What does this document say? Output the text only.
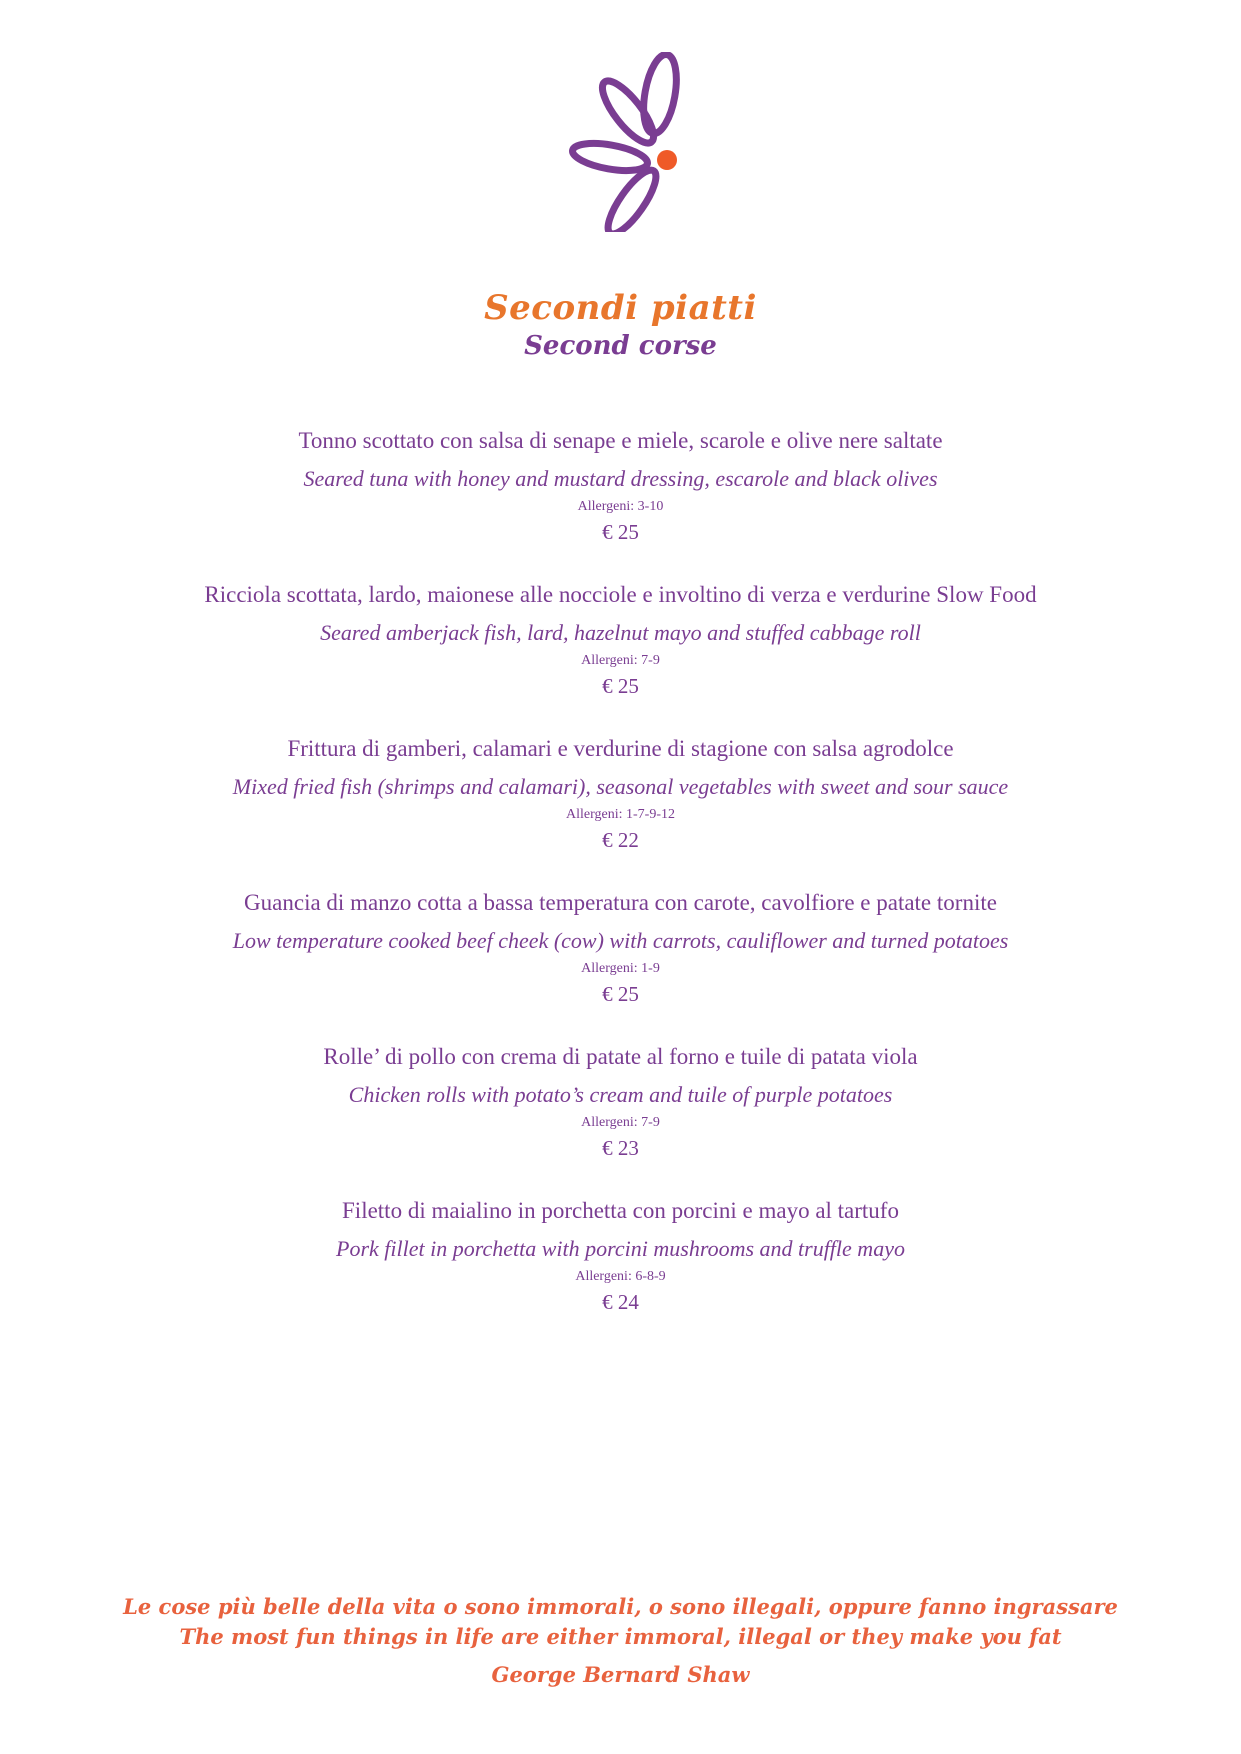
Secondi piatti
Second corse

Tonno scottato con salsa di senape e miele, scarole e olive nere saltate

Seared tuna with honey and mustard dressing, escarole and black olives

Allergeni: 3-10

€ 25

Ricciola scottata, lardo, maionese alle nocciole e involtino di verza e verdurine Slow Food

Seared amberjack fish, lard, hazelnut mayo and stuffed cabbage roll

Allergeni: 7-9

€ 25

Frittura di gamberi, calamari e verdurine di stagione con salsa agrodolce

Mixed fried fish (shrimps and calamari), seasonal vegetables with sweet and sour sauce

Allergeni: 1-7-9-12

€ 22

Guancia di manzo cotta a bassa temperatura con carote, cavolfiore e patate tornite

Low temperature cooked beef cheek (cow) with carrots, cauliflower and turned potatoes

Allergeni: 1-9

€ 25

Rolle’ di pollo con crema di patate al forno e tuile di patata viola

Chicken rolls with potato’s cream and tuile of purple potatoes

Allergeni: 7-9

€ 23

Filetto di maialino in porchetta con porcini e mayo al tartufo

Pork fillet in porchetta with porcini mushrooms and truffle mayo

Allergeni: 6-8-9

€ 24

Le cose più belle della vita o sono immorali, o sono illegali, oppure fanno ingrassare
The most fun things in life are either immoral, illegal or they make you fat
George Bernard Shaw
